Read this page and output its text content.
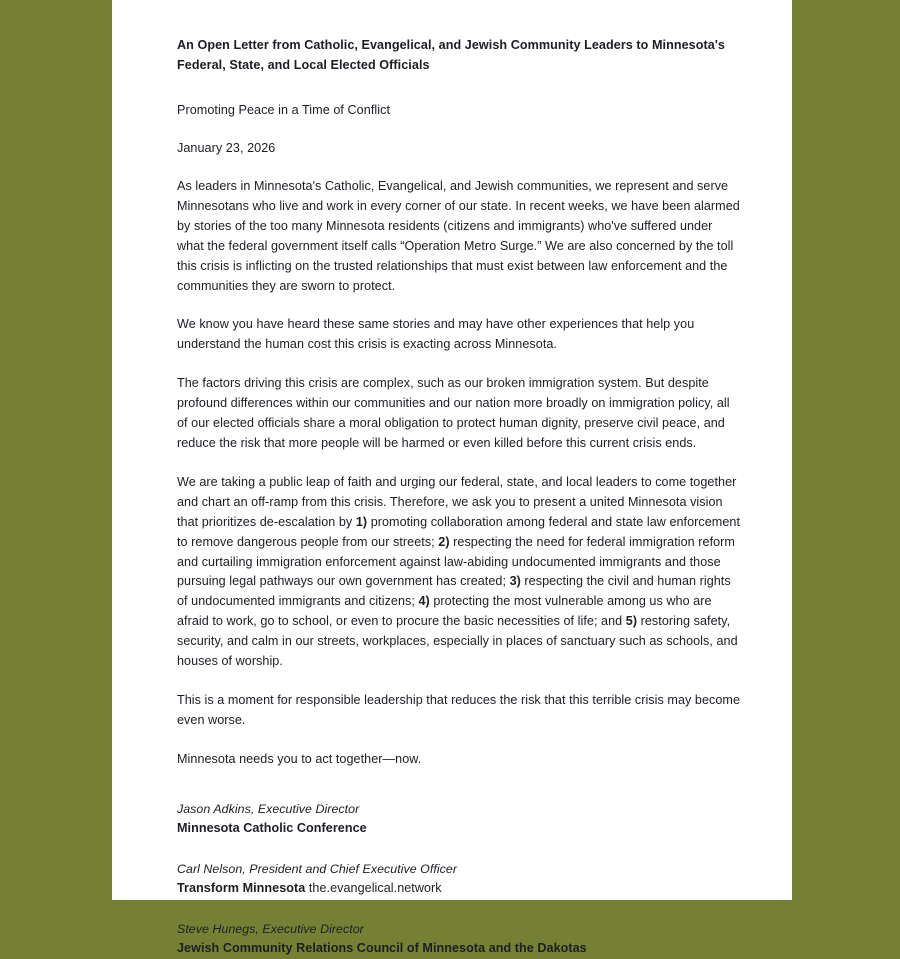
An Open Letter from Catholic, Evangelical, and Jewish Community Leaders to Minnesota's Federal, State, and Local Elected Officials
Promoting Peace in a Time of Conflict
January 23, 2026

As leaders in Minnesota's Catholic, Evangelical, and Jewish communities, we represent and serve Minnesotans who live and work in every corner of our state. In recent weeks, we have been alarmed by stories of the too many Minnesota residents (citizens and immigrants) who've suffered under what the federal government itself calls “Operation Metro Surge.” We are also concerned by the toll this crisis is inflicting on the trusted relationships that must exist between law enforcement and the communities they are sworn to protect.

We know you have heard these same stories and may have other experiences that help you understand the human cost this crisis is exacting across Minnesota.

The factors driving this crisis are complex, such as our broken immigration system. But despite profound differences within our communities and our nation more broadly on immigration policy, all of our elected officials share a moral obligation to protect human dignity, preserve civil peace, and reduce the risk that more people will be harmed or even killed before this current crisis ends.

We are taking a public leap of faith and urging our federal, state, and local leaders to come together and chart an off-ramp from this crisis. Therefore, we ask you to present a united Minnesota vision that prioritizes de-escalation by 1) promoting collaboration among federal and state law enforcement to remove dangerous people from our streets; 2) respecting the need for federal immigration reform and curtailing immigration enforcement against law-abiding undocumented immigrants and those pursuing legal pathways our own government has created; 3) respecting the civil and human rights of undocumented immigrants and citizens; 4) protecting the most vulnerable among us who are afraid to work, go to school, or even to procure the basic necessities of life; and 5) restoring safety, security, and calm in our streets, workplaces, especially in places of sanctuary such as schools, and houses of worship.

This is a moment for responsible leadership that reduces the risk that this terrible crisis may become even worse.

Minnesota needs you to act together—now.

Jason Adkins, Executive Director
Minnesota Catholic Conference
Carl Nelson, President and Chief Executive Officer
Transform Minnesota the.evangelical.network
Steve Hunegs, Executive Director
Jewish Community Relations Council of Minnesota and the Dakotas
